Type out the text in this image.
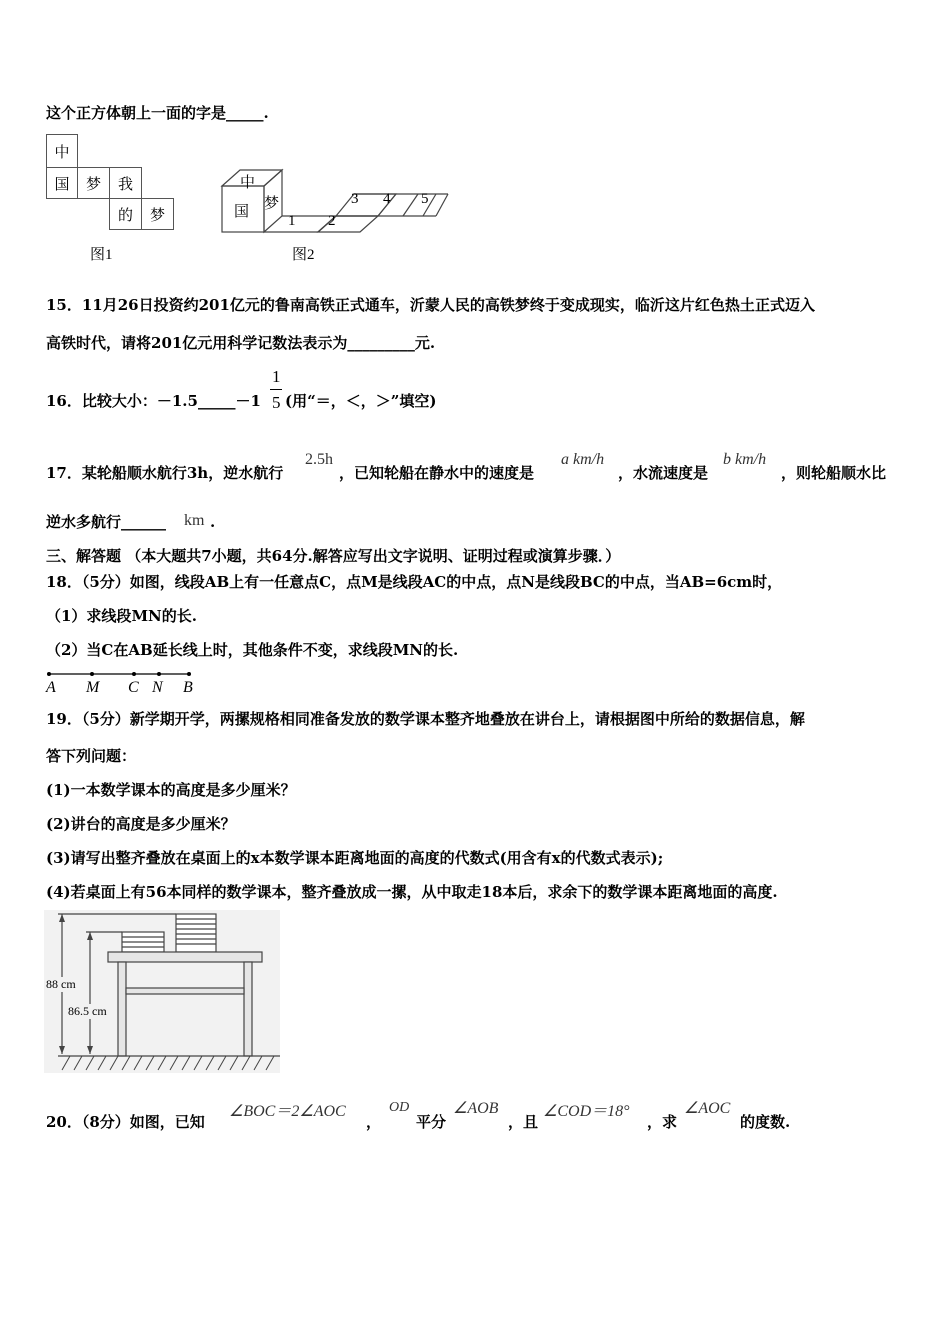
这个正方体朝上一面的字是_____.
中
国	梦	我
的	梦
图1
中
国 梦
1 2
3 4 5
图2
15．11月26日投资约201亿元的鲁南高铁正式通车，沂蒙人民的高铁梦终于变成现实，临沂这片红色热土正式迈入
高铁时代，请将201亿元用科学记数法表示为_________元.
16．比较大小：－1.5_____－1
1
5 (用“＝，＜，＞”填空)
17．某轮船顺水航行3h，逆水航行
2.5h
，已知轮船在静水中的速度是
a km/h
，水流速度是
b km/h
，则轮船顺水比
逆水多航行______ km .
三、解答题 （本大题共7小题，共64分.解答应写出文字说明、证明过程或演算步骤．）
18．（5分）如图，线段AB上有一任意点C，点M是线段AC的中点，点N是线段BC的中点，当AB=6cm时，
（1）求线段MN的长.
（2）当C在AB延长线上时，其他条件不变，求线段MN的长.
A M C N B
19．（5分）新学期开学，两摞规格相同准备发放的数学课本整齐地叠放在讲台上，请根据图中所给的数据信息，解
答下列问题：
(1)一本数学课本的高度是多少厘米？
(2)讲台的高度是多少厘米？
(3)请写出整齐叠放在桌面上的x本数学课本距离地面的高度的代数式(用含有x的代数式表示);
(4)若桌面上有56本同样的数学课本，整齐叠放成一摞，从中取走18本后，求余下的数学课本距离地面的高度.
88 cm
86.5 cm
20．（8分）如图，已知
∠BOC＝2∠AOC
，
OD
平分
∠AOB
，且
∠COD＝18°
，求
∠AOC
的度数.
